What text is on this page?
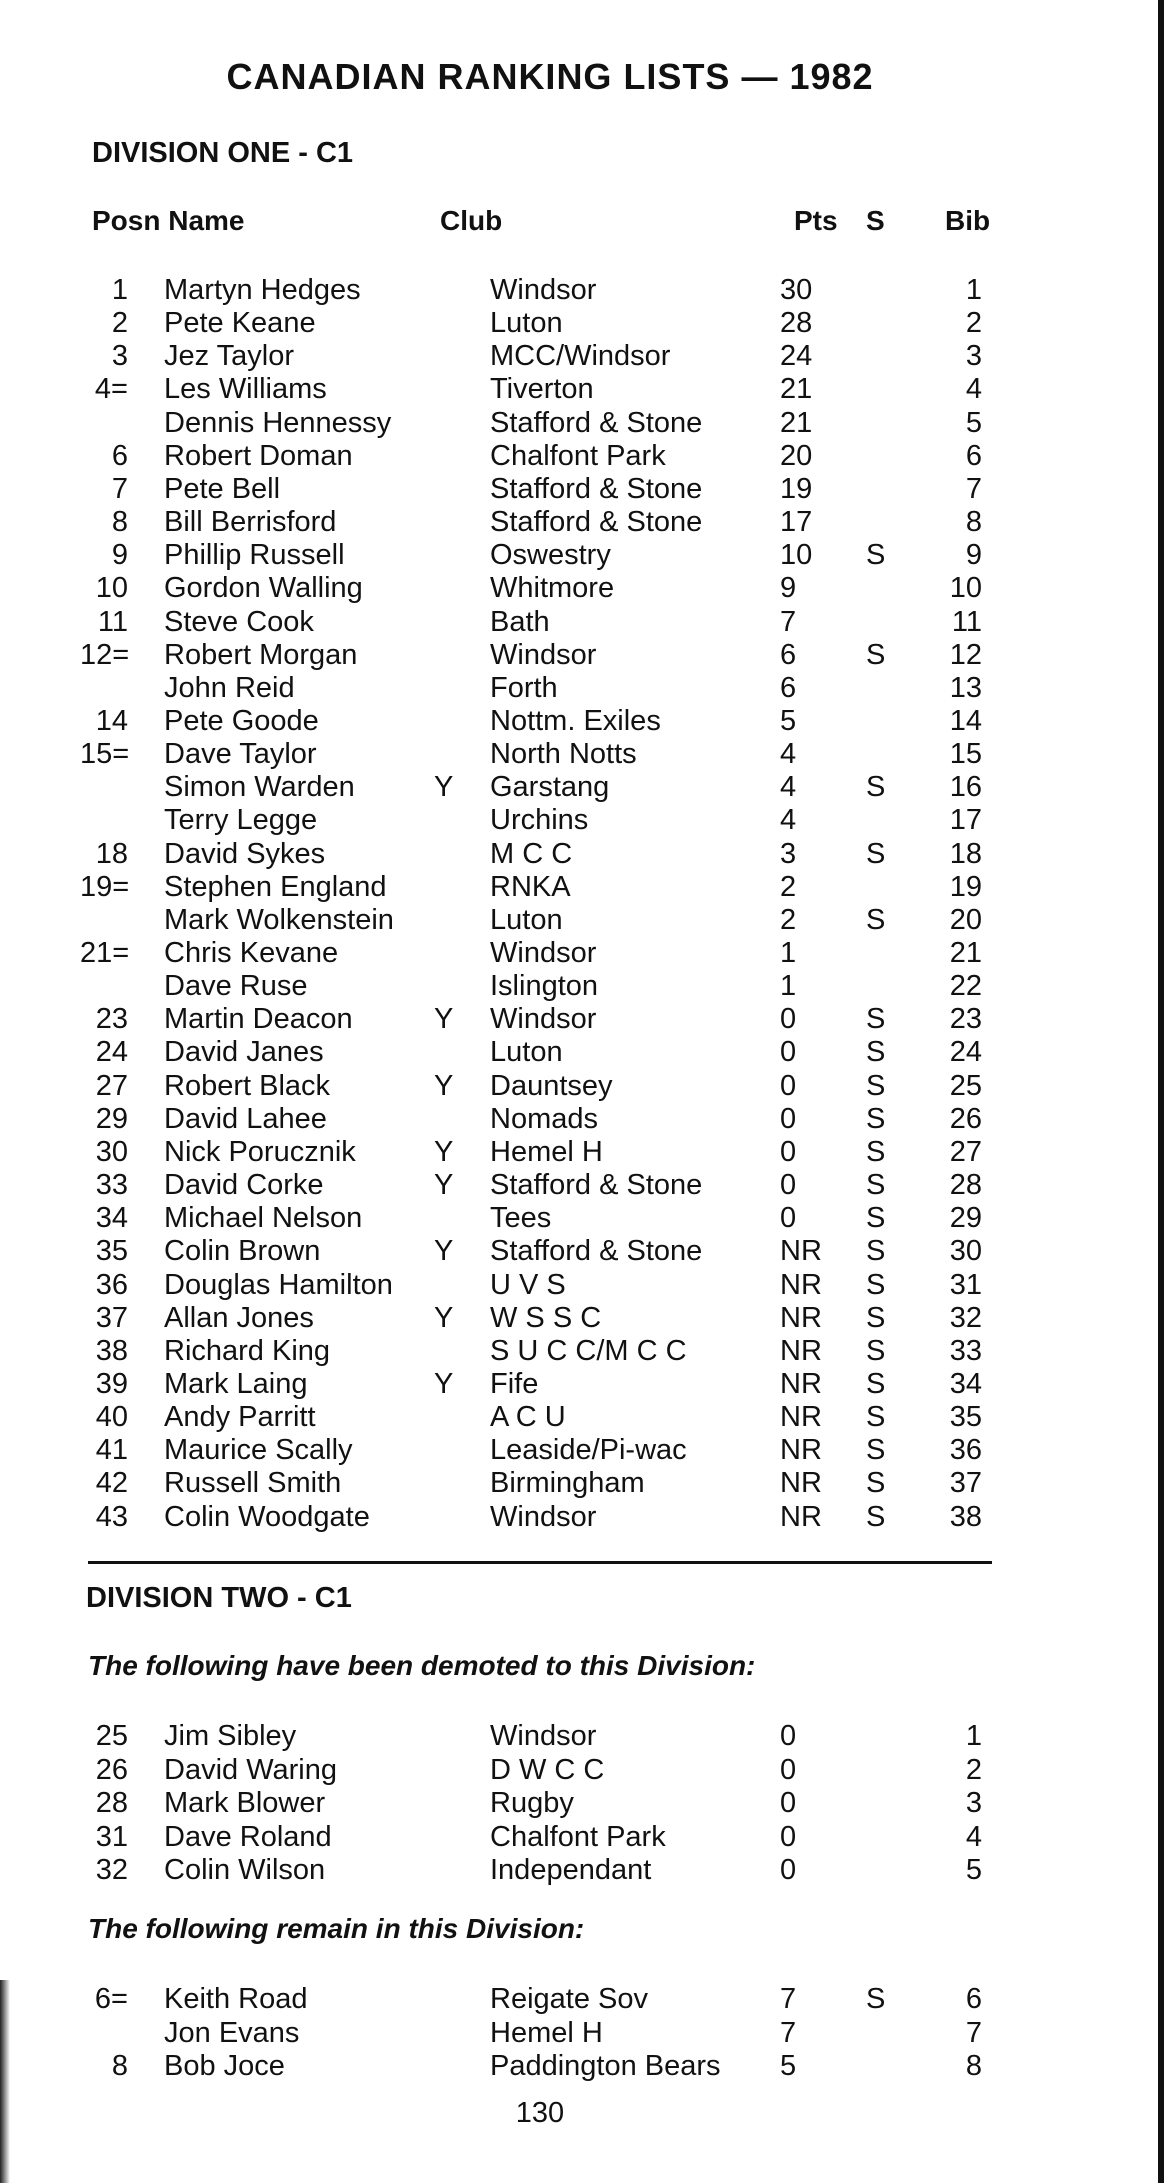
CANADIAN RANKING LISTS — 1982
DIVISION ONE - C1
Posn Name	Club	Pts S Bib
1 Martyn Hedges	Windsor	30	1
2 Pete Keane	Luton	28	2
3 Jez Taylor	MCC/Windsor	24	3
4= Les Williams	Tiverton	21	4
Dennis Hennessy	Stafford & Stone	21	5
6 Robert Doman	Chalfont Park	20	6
7 Pete Bell	Stafford & Stone	19	7
8 Bill Berrisford	Stafford & Stone	17	8
9 Phillip Russell	Oswestry	10	S	9
10 Gordon Walling	Whitmore	9	10
11 Steve Cook	Bath	7	11
12= Robert Morgan	Windsor	6	S	12
John Reid	Forth	6	13
14 Pete Goode	Nottm. Exiles	5	14
15= Dave Taylor	North Notts	4	15
Simon Warden	Y Garstang	4	S	16
Terry Legge	Urchins	4	17
18 David Sykes	M C C	3	S	18
19= Stephen England	RNKA	2	19
Mark Wolkenstein	Luton	2	S	20
21= Chris Kevane	Windsor	1	21
Dave Ruse	Islington	1	22
23 Martin Deacon	Y Windsor	0	S	23
24 David Janes	Luton	0	S	24
27 Robert Black	Y Dauntsey	0	S	25
29 David Lahee	Nomads	0	S	26
30 Nick Porucznik	Y Hemel H	0	S	27
33 David Corke	Y Stafford & Stone	0	S	28
34 Michael Nelson	Tees	0	S	29
35 Colin Brown	Y Stafford & Stone	NR	S	30
36 Douglas Hamilton	U V S	NR	S	31
37 Allan Jones	Y W S S C	NR	S	32
38 Richard King	S U C C/M C C	NR	S	33
39 Mark Laing	Y Fife	NR	S	34
40 Andy Parritt	A C U	NR	S	35
41 Maurice Scally	Leaside/Pi-wac	NR	S	36
42 Russell Smith	Birmingham	NR	S	37
43 Colin Woodgate	Windsor	NR	S	38
DIVISION TWO - C1
The following have been demoted to this Division:
25 Jim Sibley	Windsor	0	1
26 David Waring	D W C C	0	2
28 Mark Blower	Rugby	0	3
31 Dave Roland	Chalfont Park	0	4
32 Colin Wilson	Independant	0	5
The following remain in this Division:
6= Keith Road	Reigate Sov	7	S	6
Jon Evans	Hemel H	7	7
8 Bob Joce	Paddington Bears 5	8
130
